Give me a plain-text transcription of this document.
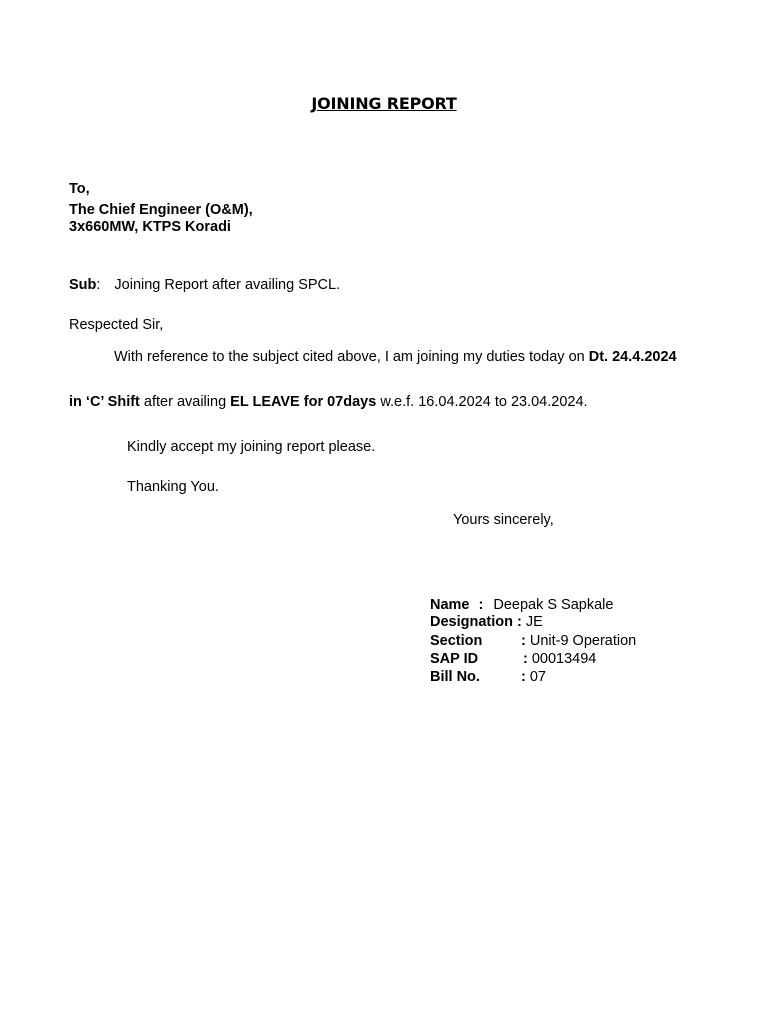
JOINING REPORT
To,
The Chief Engineer (O&M),
3x660MW, KTPS Koradi
Sub: Joining Report after availing SPCL.
Respected Sir,
With reference to the subject cited above, I am joining my duties today on Dt. 24.4.2024
in ‘C’ Shift after availing EL LEAVE for 07days w.e.f. 16.04.2024 to 23.04.2024.
Kindly accept my joining report please.
Thanking You.
Yours sincerely,
Name : Deepak S Sapkale
Designation : JE
Section	: Unit-9 Operation
SAP ID	: 00013494
Bill No.	: 07
